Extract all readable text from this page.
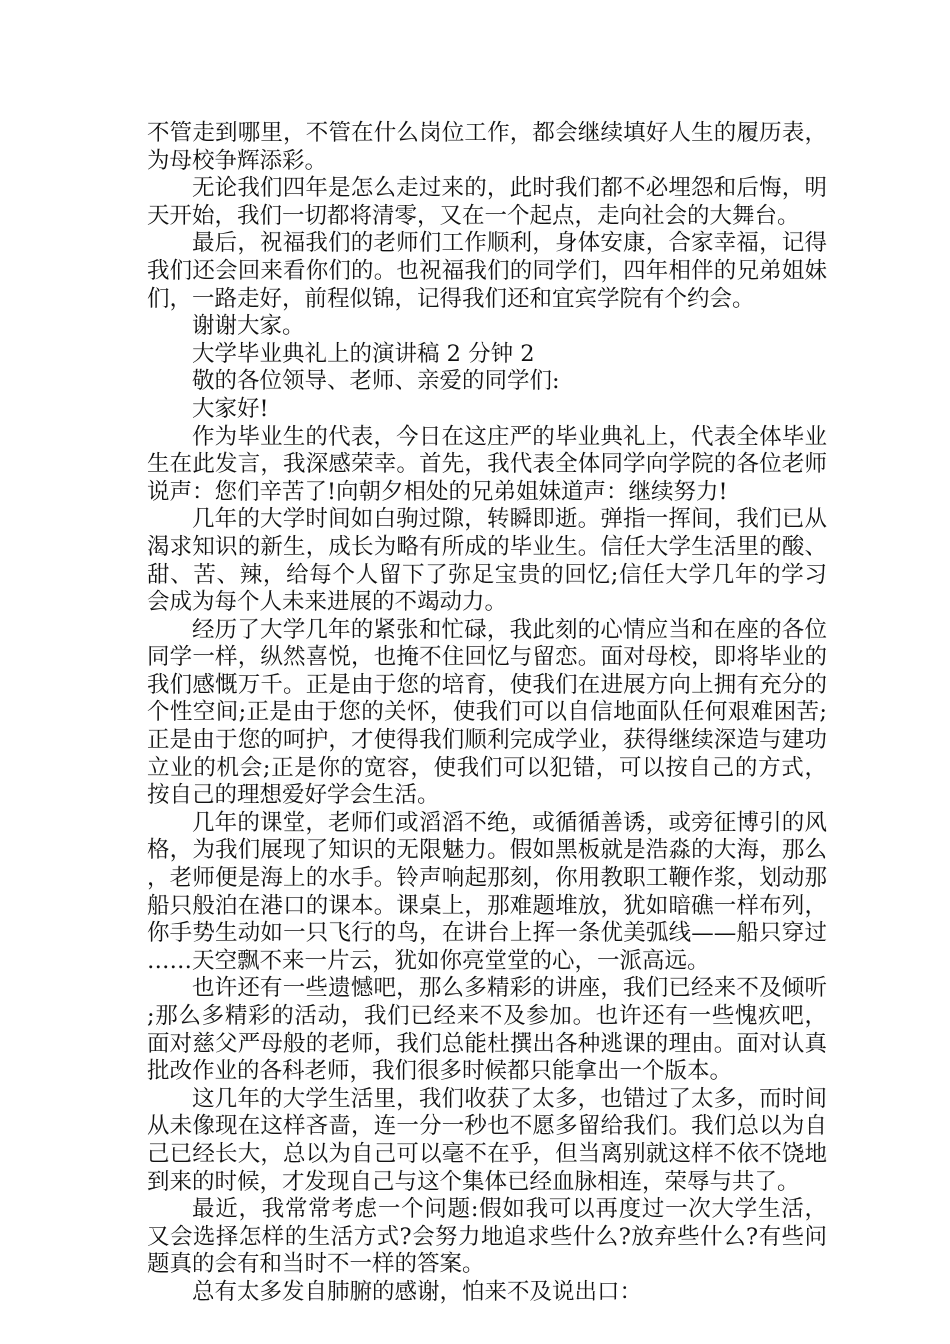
不管走到哪里，不管在什么岗位工作，都会继续填好人生的履历表，为母校争辉添彩。

无论我们四年是怎么走过来的，此时我们都不必埋怨和后悔，明天开始，我们一切都将清零，又在一个起点，走向社会的大舞台。

最后，祝福我们的老师们工作顺利，身体安康，合家幸福，记得我们还会回来看你们的。也祝福我们的同学们，四年相伴的兄弟姐妹们，一路走好，前程似锦，记得我们还和宜宾学院有个约会。

谢谢大家。

大学毕业典礼上的演讲稿 2 分钟 2

敬的各位领导、老师、亲爱的同学们:

大家好!

作为毕业生的代表，今日在这庄严的毕业典礼上，代表全体毕业生在此发言，我深感荣幸。首先，我代表全体同学向学院的各位老师说声：您们辛苦了!向朝夕相处的兄弟姐妹道声：继续努力!

几年的大学时间如白驹过隙，转瞬即逝。弹指一挥间，我们已从渴求知识的新生，成长为略有所成的毕业生。信任大学生活里的酸、甜、苦、辣，给每个人留下了弥足宝贵的回忆;信任大学几年的学习会成为每个人未来进展的不竭动力。

经历了大学几年的紧张和忙碌，我此刻的心情应当和在座的各位同学一样，纵然喜悦，也掩不住回忆与留恋。面对母校，即将毕业的我们感慨万千。正是由于您的培育，使我们在进展方向上拥有充分的个性空间;正是由于您的关怀，使我们可以自信地面队任何艰难困苦;正是由于您的呵护，才使得我们顺利完成学业，获得继续深造与建功立业的机会;正是你的宽容，使我们可以犯错，可以按自己的方式，按自己的理想爱好学会生活。

几年的课堂，老师们或滔滔不绝，或循循善诱，或旁征博引的风格，为我们展现了知识的无限魅力。假如黑板就是浩淼的大海，那么，老师便是海上的水手。铃声响起那刻，你用教职工鞭作浆，划动那船只般泊在港口的课本。课桌上，那难题堆放，犹如暗礁一样布列，你手势生动如一只飞行的鸟，在讲台上挥一条优美弧线——船只穿过……天空飘不来一片云，犹如你亮堂堂的心，一派高远。

也许还有一些遗憾吧，那么多精彩的讲座，我们已经来不及倾听;那么多精彩的活动，我们已经来不及参加。也许还有一些愧疚吧，面对慈父严母般的老师，我们总能杜撰出各种逃课的理由。面对认真批改作业的各科老师，我们很多时候都只能拿出一个版本。

这几年的大学生活里，我们收获了太多，也错过了太多，而时间从未像现在这样吝啬，连一分一秒也不愿多留给我们。我们总以为自己已经长大，总以为自己可以毫不在乎，但当离别就这样不依不饶地到来的时候，才发现自己与这个集体已经血脉相连，荣辱与共了。

最近，我常常考虑一个问题:假如我可以再度过一次大学生活，又会选择怎样的生活方式?会努力地追求些什么?放弃些什么?有些问题真的会有和当时不一样的答案。

总有太多发自肺腑的感谢，怕来不及说出口：
